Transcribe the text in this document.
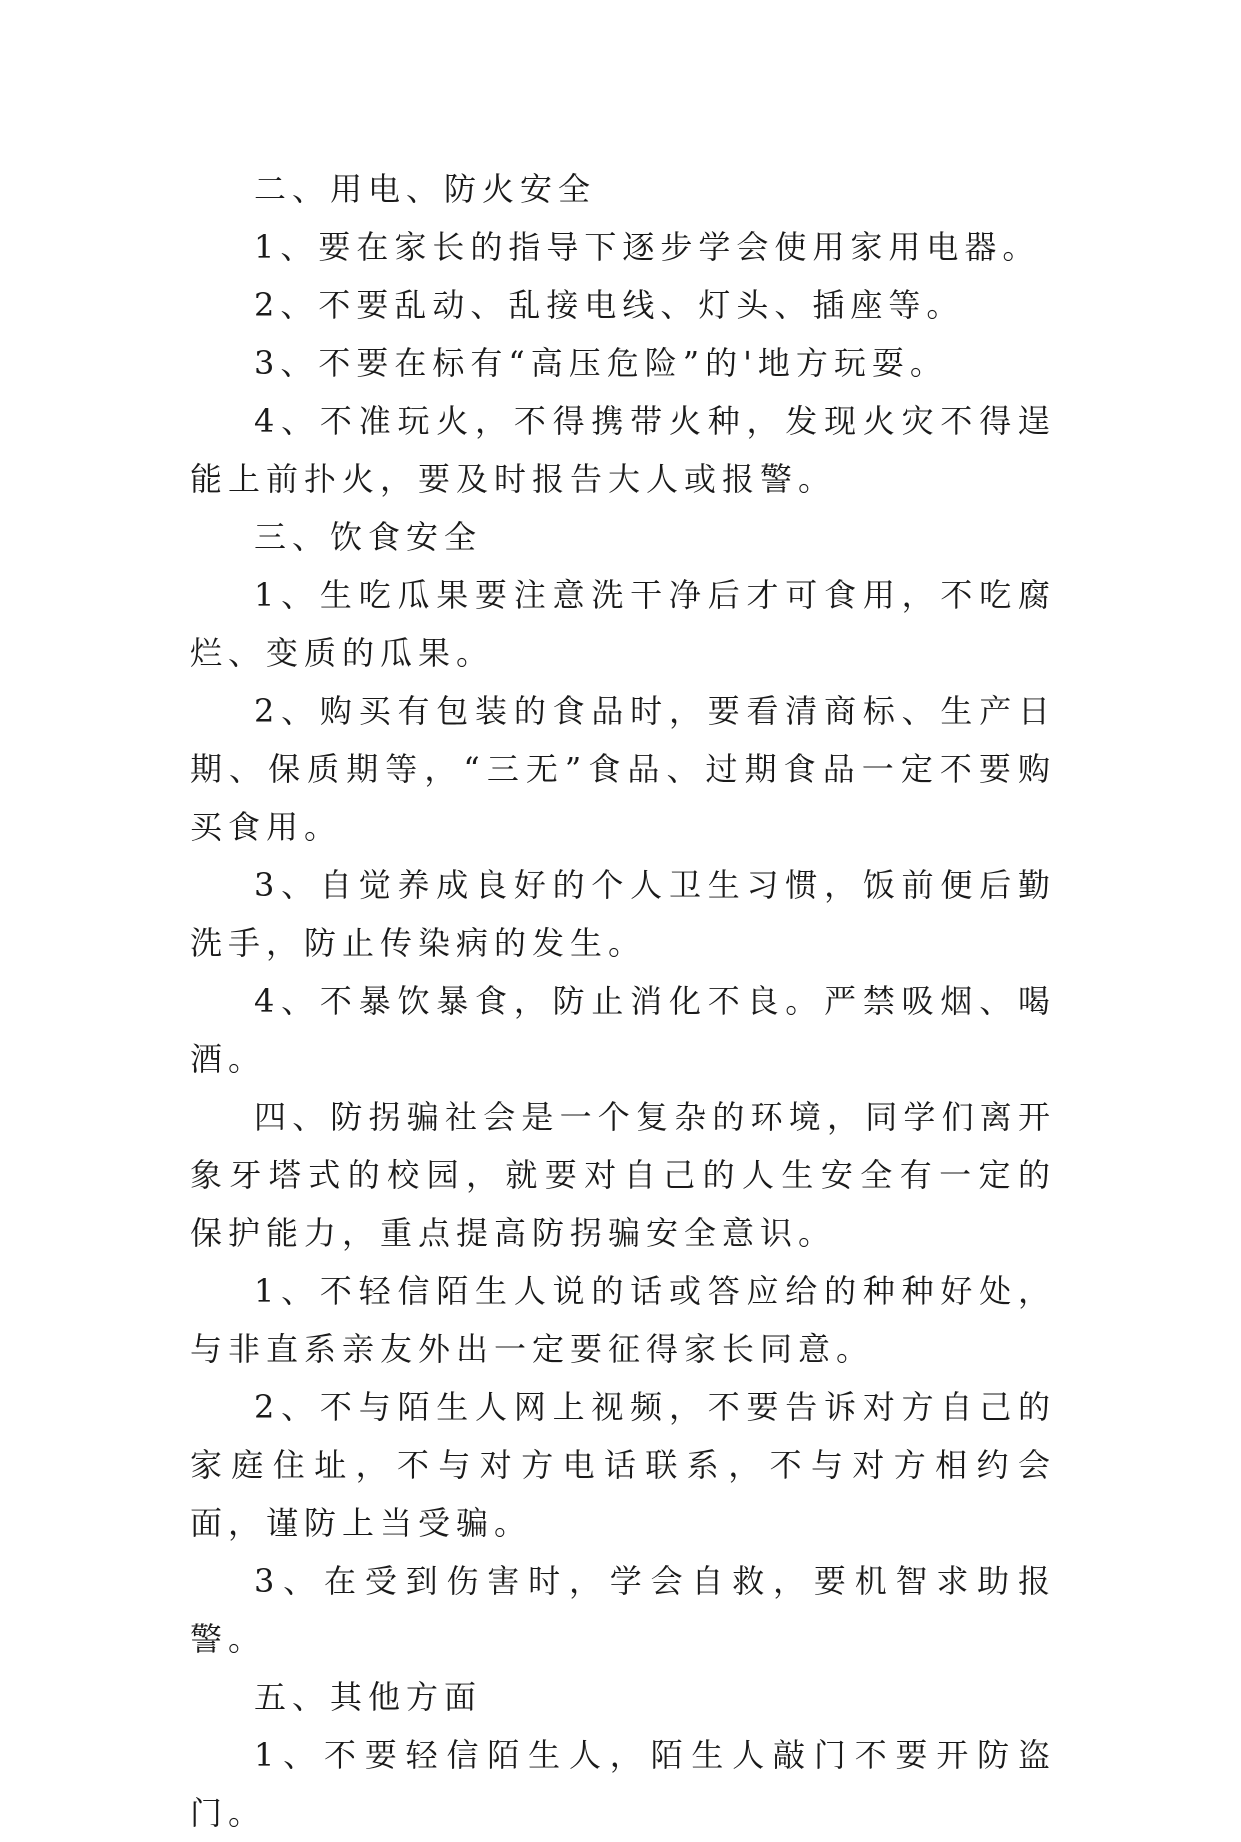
二、用电、防火安全

1、要在家长的指导下逐步学会使用家用电器。

2、不要乱动、乱接电线、灯头、插座等。

3、不要在标有“高压危险”的'地方玩耍。

4、不准玩火，不得携带火种，发现火灾不得逞能上前扑火，要及时报告大人或报警。

三、饮食安全

1、生吃瓜果要注意洗干净后才可食用，不吃腐烂、变质的瓜果。

2、购买有包装的食品时，要看清商标、生产日期、保质期等，“三无”食品、过期食品一定不要购买食用。

3、自觉养成良好的个人卫生习惯，饭前便后勤洗手，防止传染病的发生。

4、不暴饮暴食，防止消化不良。严禁吸烟、喝酒。

四、防拐骗社会是一个复杂的环境，同学们离开象牙塔式的校园，就要对自己的人生安全有一定的保护能力，重点提高防拐骗安全意识。

1、不轻信陌生人说的话或答应给的种种好处，与非直系亲友外出一定要征得家长同意。

2、不与陌生人网上视频，不要告诉对方自己的家庭住址，不与对方电话联系，不与对方相约会面，谨防上当受骗。

3、在受到伤害时，学会自救，要机智求助报警。

五、其他方面

1、不要轻信陌生人，陌生人敲门不要开防盗门。
